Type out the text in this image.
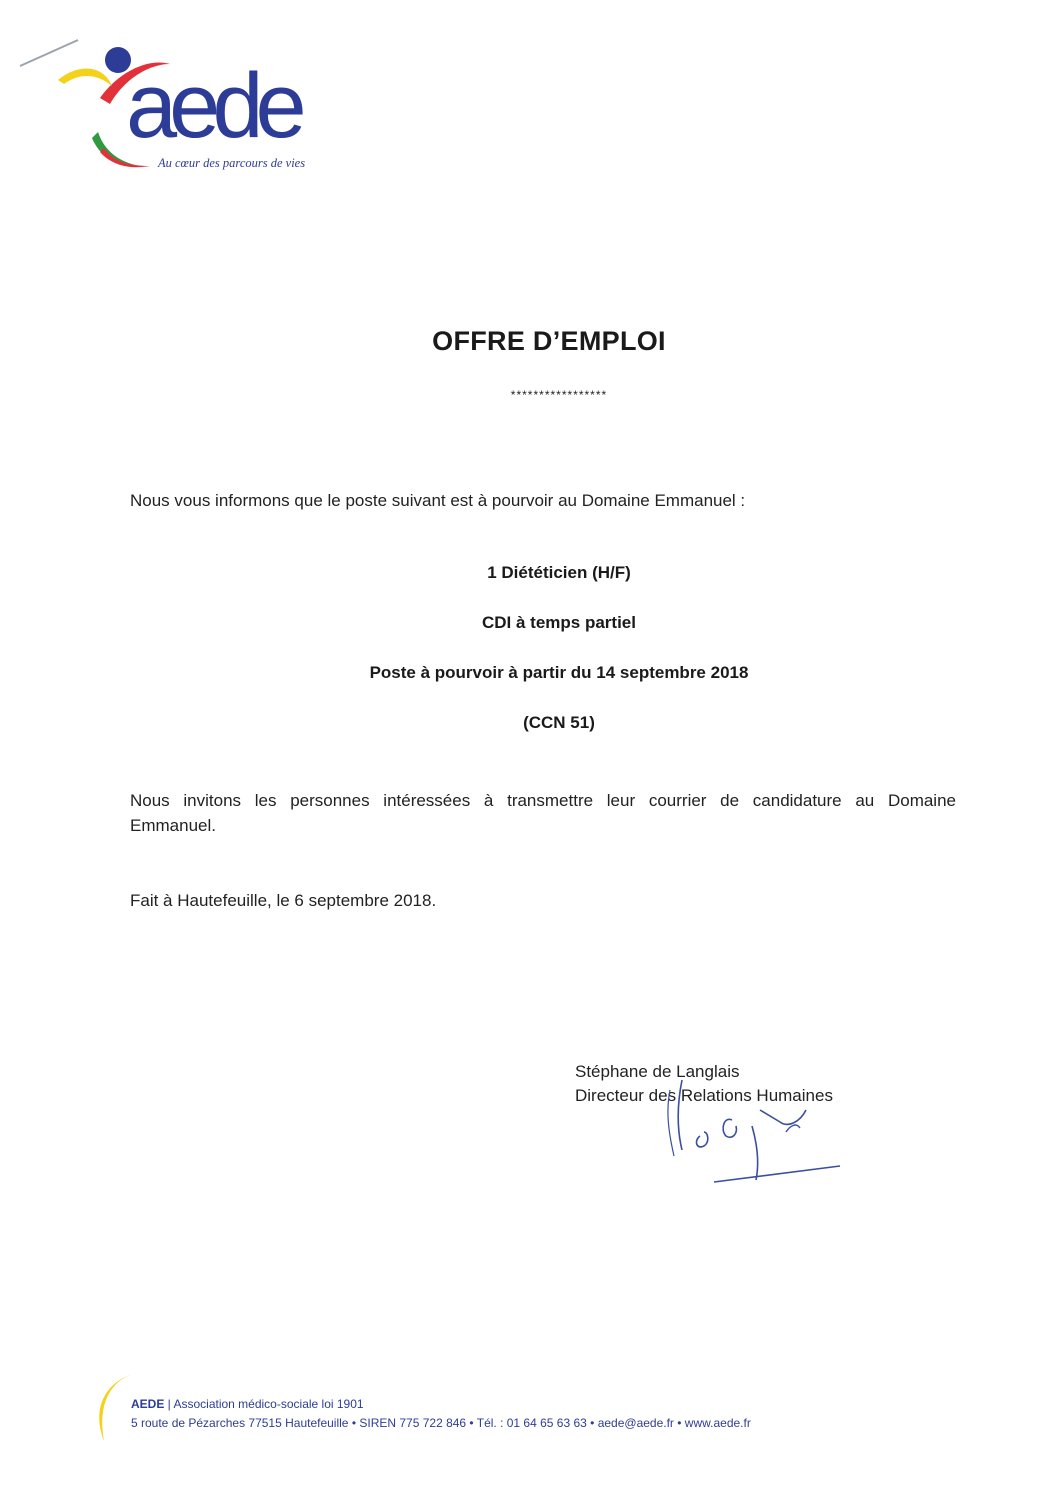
aede
Au cœur des parcours de vies
OFFRE D’EMPLOI
*****************
Nous vous informons que le poste suivant est à pourvoir au Domaine Emmanuel :
1 Diététicien (H/F)
CDI à temps partiel
Poste à pourvoir à partir du 14 septembre 2018
(CCN 51)
Nous invitons les personnes intéressées à transmettre leur courrier de candidature au Domaine
Emmanuel.
Fait à Hautefeuille, le 6 septembre 2018.
Stéphane de Langlais
Directeur des Relations Humaines
AEDE | Association médico-sociale loi 1901
5 route de Pézarches 77515 Hautefeuille • SIREN 775 722 846 • Tél. : 01 64 65 63 63 • aede@aede.fr • www.aede.fr
